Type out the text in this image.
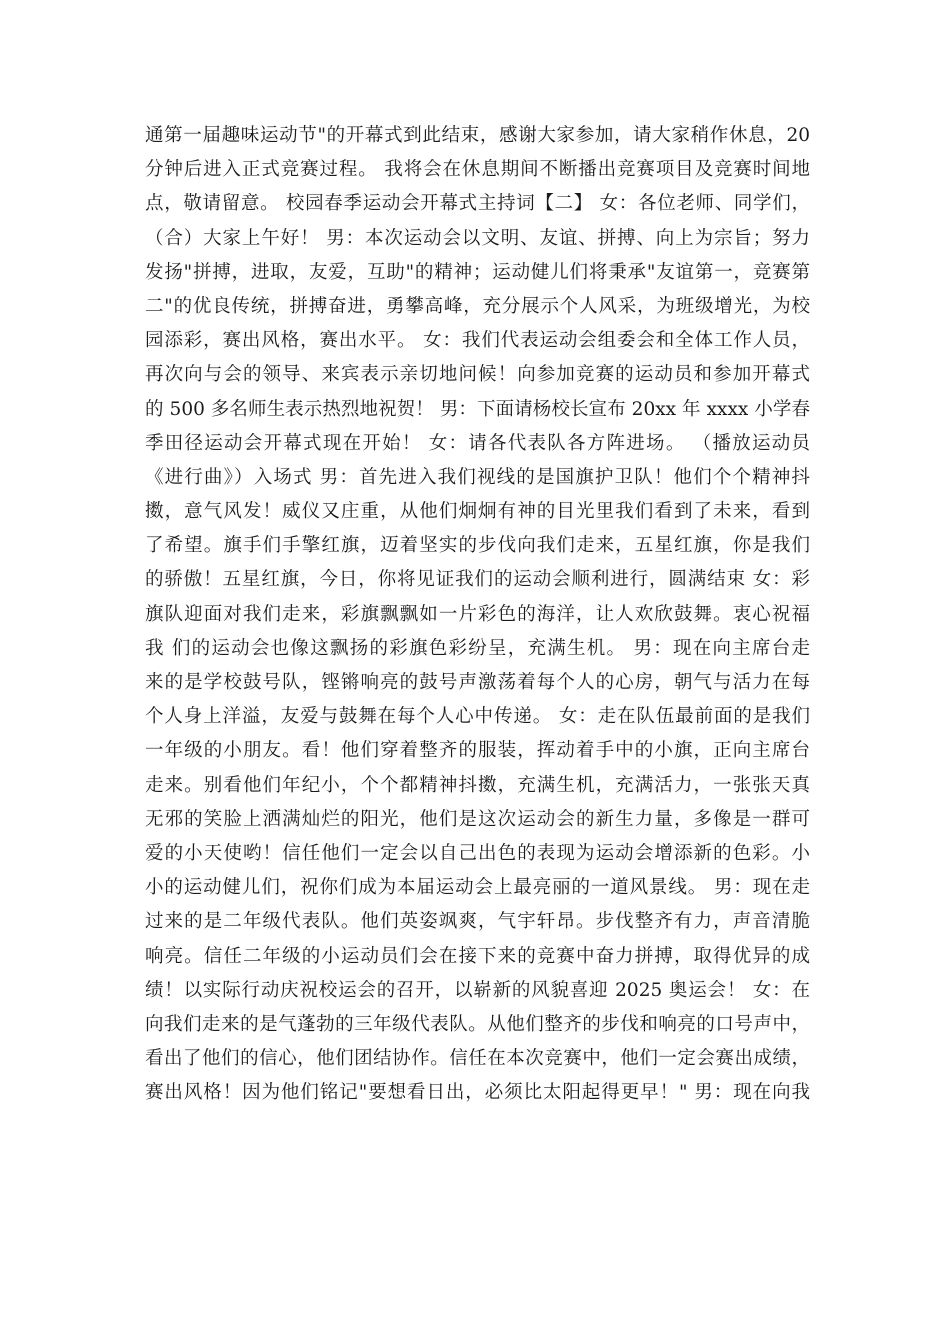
通第一届趣味运动节"的开幕式到此结束，感谢大家参加，请大家稍作休息，20
分钟后进入正式竞赛过程。 我将会在休息期间不断播出竞赛项目及竞赛时间地
点，敬请留意。 校园春季运动会开幕式主持词【二】 女：各位老师、同学们，
（合）大家上午好！ 男：本次运动会以文明、友谊、拼搏、向上为宗旨；努力
发扬"拼搏，进取，友爱，互助"的精神；运动健儿们将秉承"友谊第一，竞赛第
二"的优良传统，拼搏奋进，勇攀高峰，充分展示个人风采，为班级增光，为校
园添彩，赛出风格，赛出水平。 女：我们代表运动会组委会和全体工作人员，
再次向与会的领导、来宾表示亲切地问候！向参加竞赛的运动员和参加开幕式
的 500 多名师生表示热烈地祝贺！ 男：下面请杨校长宣布 20xx 年 xxxx 小学春
季田径运动会开幕式现在开始！ 女：请各代表队各方阵进场。 （播放运动员
《进行曲》）入场式 男：首先进入我们视线的是国旗护卫队！他们个个精神抖
擞，意气风发！威仪又庄重，从他们炯炯有神的目光里我们看到了未来，看到
了希望。旗手们手擎红旗，迈着坚实的步伐向我们走来，五星红旗，你是我们
的骄傲！五星红旗，今日，你将见证我们的运动会顺利进行，圆满结束 女：彩
旗队迎面对我们走来，彩旗飘飘如一片彩色的海洋，让人欢欣鼓舞。衷心祝福
我 们的运动会也像这飘扬的彩旗色彩纷呈，充满生机。 男：现在向主席台走
来的是学校鼓号队，铿锵响亮的鼓号声激荡着每个人的心房，朝气与活力在每
个人身上洋溢，友爱与鼓舞在每个人心中传递。 女：走在队伍最前面的是我们
一年级的小朋友。看！他们穿着整齐的服装，挥动着手中的小旗，正向主席台
走来。别看他们年纪小，个个都精神抖擞，充满生机，充满活力，一张张天真
无邪的笑脸上洒满灿烂的阳光，他们是这次运动会的新生力量，多像是一群可
爱的小天使哟！信任他们一定会以自己出色的表现为运动会增添新的色彩。小
小的运动健儿们，祝你们成为本届运动会上最亮丽的一道风景线。 男：现在走
过来的是二年级代表队。他们英姿飒爽，气宇轩昂。步伐整齐有力，声音清脆
响亮。信任二年级的小运动员们会在接下来的竞赛中奋力拼搏，取得优异的成
绩！以实际行动庆祝校运会的召开，以崭新的风貌喜迎 2025 奥运会！ 女：在
向我们走来的是气蓬勃的三年级代表队。从他们整齐的步伐和响亮的口号声中，
看出了他们的信心，他们团结协作。信任在本次竞赛中，他们一定会赛出成绩，
赛出风格！因为他们铭记"要想看日出，必须比太阳起得更早！" 男：现在向我
